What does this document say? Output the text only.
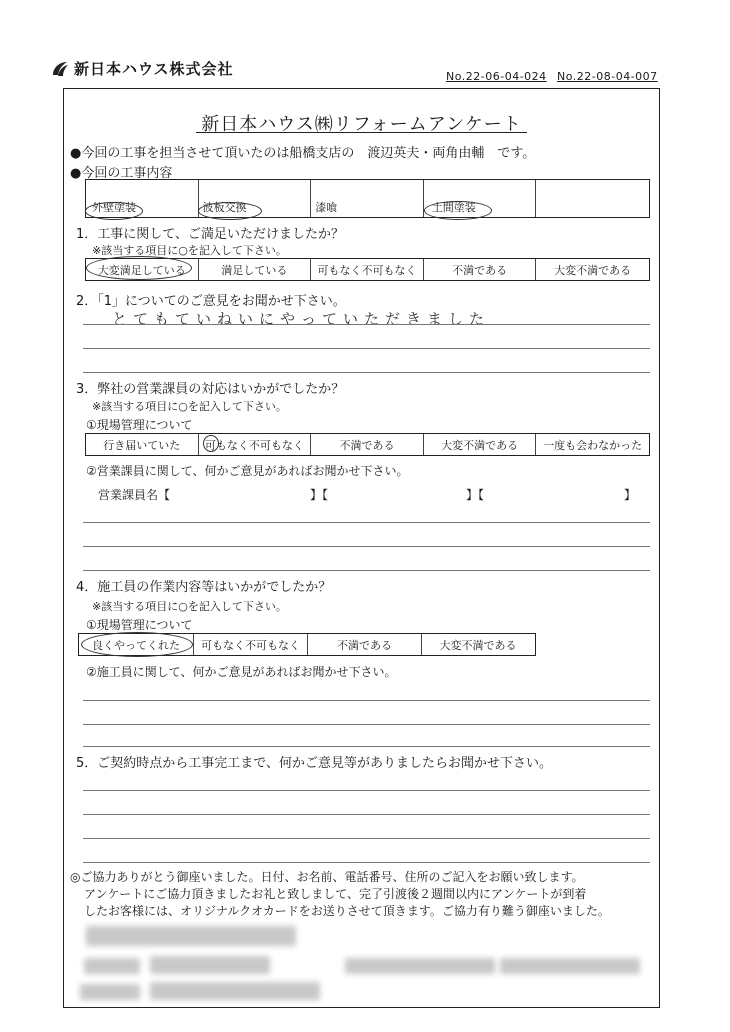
新日本ハウス株式会社	No.22-06-04-024 No.22-08-04-007
新日本ハウス㈱リフォームアンケート
●今回の工事を担当させて頂いたのは船橋支店の　渡辺英夫・両角由輔　です。
●今回の工事内容
外壁塗装	波板交換	漆喰	土間塗装
1．工事に関して、ご満足いただけましたか？
※該当する項目に○を記入して下さい。
大変満足している	満足している	可もなく不可もなく	不満である	大変不満である
2．「1」についてのご意見をお聞かせ下さい。
とてもていねいにやっていただきました
3．弊社の営業課員の対応はいかがでしたか？
※該当する項目に○を記入して下さい。
①現場管理について
行き届いていた	可もなく不可もなく	不満である	大変不満である	一度も会わなかった
②営業課員に関して、何かご意見があればお聞かせ下さい。
営業課員名【	】【	】【	】
4．施工員の作業内容等はいかがでしたか？
※該当する項目に○を記入して下さい。
①現場管理について
良くやってくれた	可もなく不可もなく	不満である	大変不満である
②施工員に関して、何かご意見があればお聞かせ下さい。
5．ご契約時点から工事完工まで、何かご意見等がありましたらお聞かせ下さい。
◎ご協力ありがとう御座いました。日付、お名前、電話番号、住所のご記入をお願い致します。
アンケートにご協力頂きましたお礼と致しまして、完了引渡後２週間以内にアンケートが到着
したお客様には、オリジナルクオカードをお送りさせて頂きます。ご協力有り難う御座いました。
